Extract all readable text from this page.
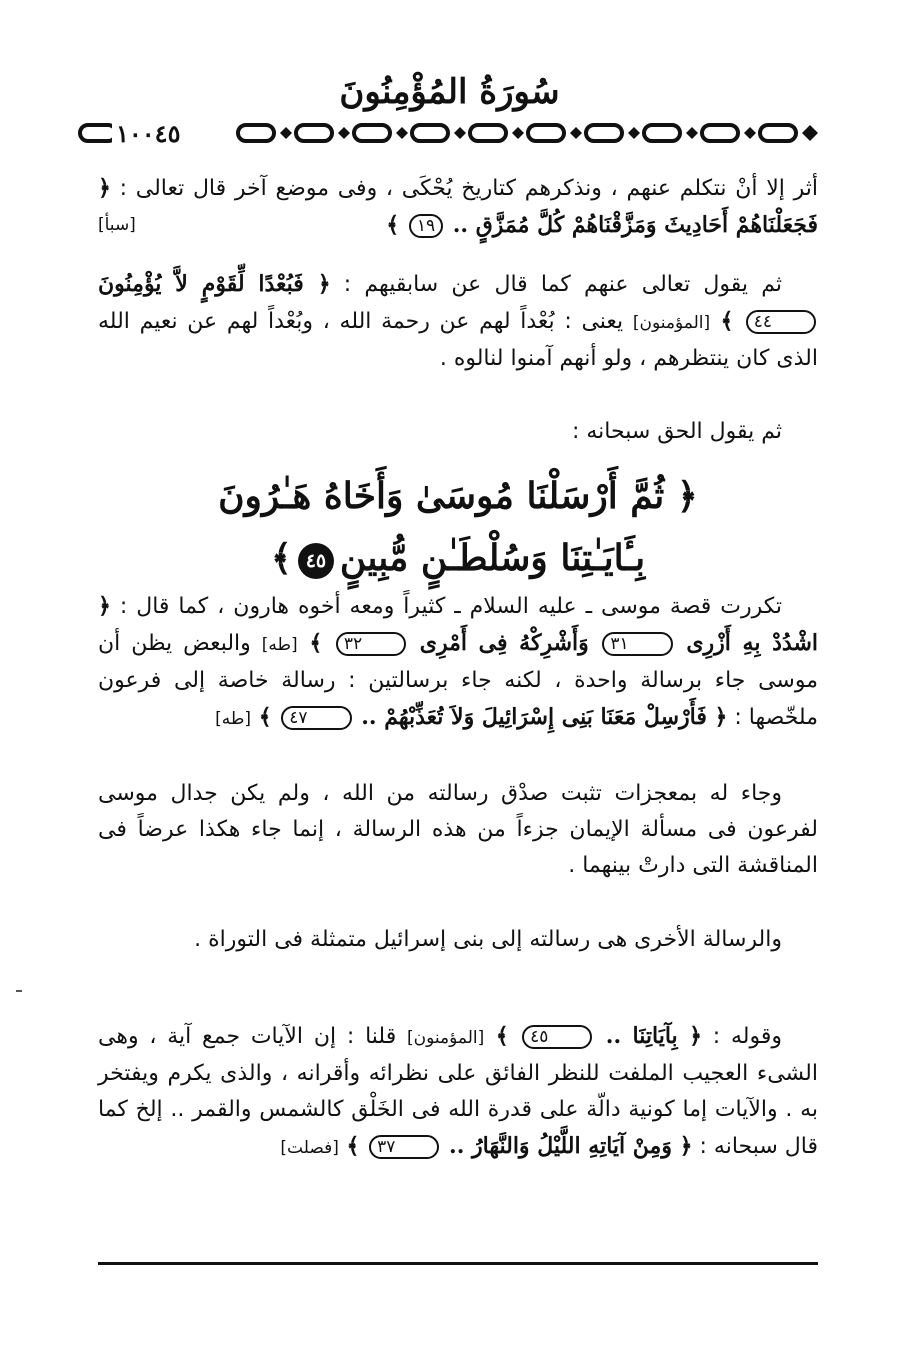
سُورَةُ المُؤْمِنُونَ
١٠٠٤٥

أثر إلا أنْ نتكلم عنهم ، ونذكرهم كتاريخ يُحْكَى ، وفى موضع آخر قال تعالى : ﴿ فَجَعَلْنَاهُمْ أَحَادِيثَ وَمَزَّقْنَاهُمْ كُلَّ مُمَزَّقٍ .. ١٩ ﴾
[سبأ]

ثم يقول تعالى عنهم كما قال عن سابقيهم : ﴿ فَبُعْدًا لِّقَوْمٍ لاَّ يُؤْمِنُونَ ٤٤ ﴾ [المؤمنون] يعنى : بُعْداً لهم عن رحمة الله ، وبُعْداً لهم عن نعيم الله الذى كان ينتظرهم ، ولو أنهم آمنوا لنالوه .

ثم يقول الحق سبحانه :

﴿ ثُمَّ أَرْسَلْنَا مُوسَىٰ وَأَخَاهُ هَـٰرُونَ
بِـَٔايَـٰتِنَا وَسُلْطَـٰنٍ مُّبِينٍ٤٥﴾

تكررت قصة موسى ـ عليه السلام ـ كثيراً ومعه أخوه هارون ، كما قال : ﴿ اشْدُدْ بِهِ أَزْرِى ٣١ وَأَشْرِكْهُ فِى أَمْرِى ٣٢ ﴾ [طه] والبعض يظن أن موسى جاء برسالة واحدة ، لكنه جاء برسالتين : رسالة خاصة إلى فرعون ملخّصها : ﴿ فَأَرْسِلْ مَعَنَا بَنِى إِسْرَائِيلَ وَلاَ تُعَذِّبْهُمْ .. ٤٧ ﴾ [طه]

وجاء له بمعجزات تثبت صدْق رسالته من الله ، ولم يكن جدال موسى لفرعون فى مسألة الإيمان جزءاً من هذه الرسالة ، إنما جاء هكذا عرضاً فى المناقشة التى دارتْ بينهما .

والرسالة الأخرى هى رسالته إلى بنى إسرائيل متمثلة فى التوراة .

وقوله : ﴿ بِآيَاتِنَا .. ٤٥ ﴾ [المؤمنون] قلنا : إن الآيات جمع آية ، وهى الشىء العجيب الملفت للنظر الفائق على نظرائه وأقرانه ، والذى يكرم ويفتخر به . والآيات إما كونية دالّة على قدرة الله فى الخَلْق كالشمس والقمر .. إلخ كما قال سبحانه : ﴿ وَمِنْ آيَاتِهِ اللَّيْلُ وَالنَّهَارُ .. ٣٧ ﴾ [فصلت]
